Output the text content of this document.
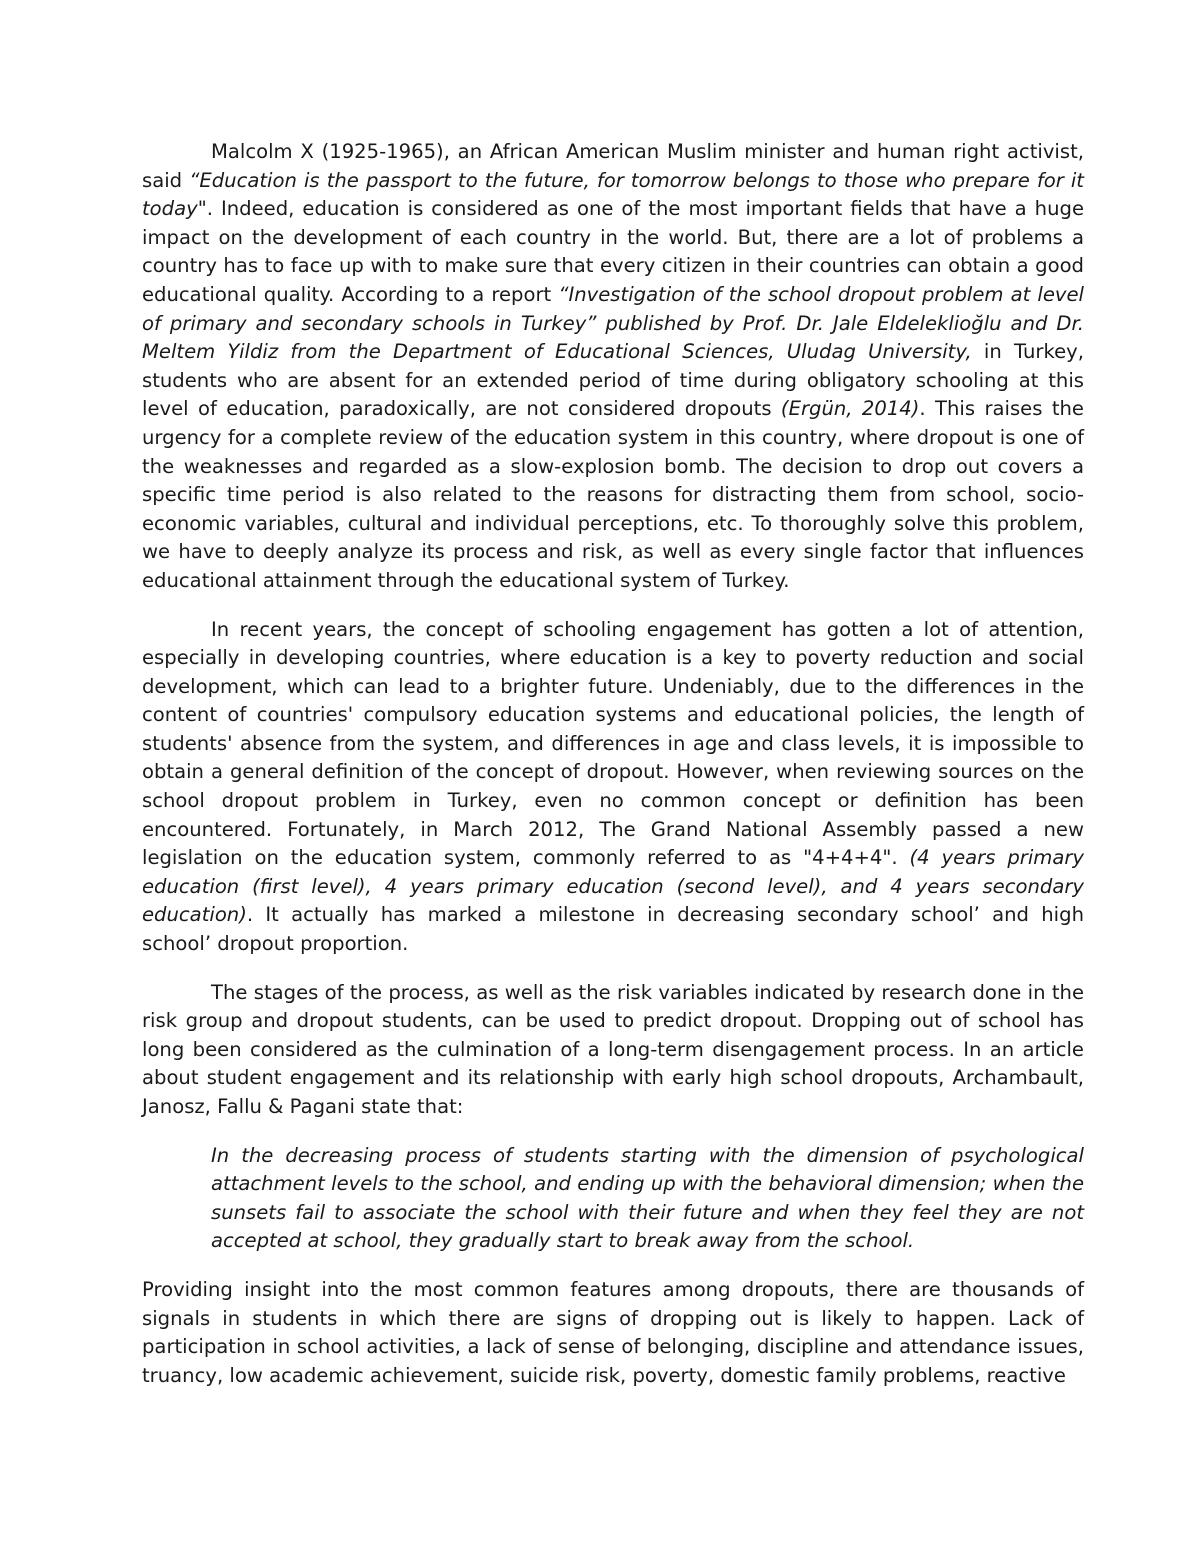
Malcolm X (1925-1965), an African American Muslim minister and human right activist, said “Education is the passport to the future, for tomorrow belongs to those who prepare for it today". Indeed, education is considered as one of the most important fields that have a huge impact on the development of each country in the world. But, there are a lot of problems a country has to face up with to make sure that every citizen in their countries can obtain a good educational quality. According to a report “Investigation of the school dropout problem at level of primary and secondary schools in Turkey” published by Prof. Dr. Jale Eldeleklioğlu and Dr. Meltem Yildiz from the Department of Educational Sciences, Uludag University, in Turkey, students who are absent for an extended period of time during obligatory schooling at this level of education, paradoxically, are not considered dropouts (Ergün, 2014). This raises the urgency for a complete review of the education system in this country, where dropout is one of the weaknesses and regarded as a slow-explosion bomb. The decision to drop out covers a specific time period is also related to the reasons for distracting them from school, socio-economic variables, cultural and individual perceptions, etc. To thoroughly solve this problem, we have to deeply analyze its process and risk, as well as every single factor that influences educational attainment through the educational system of Turkey.

In recent years, the concept of schooling engagement has gotten a lot of attention, especially in developing countries, where education is a key to poverty reduction and social development, which can lead to a brighter future. Undeniably, due to the differences in the content of countries' compulsory education systems and educational policies, the length of students' absence from the system, and differences in age and class levels, it is impossible to obtain a general definition of the concept of dropout. However, when reviewing sources on the school dropout problem in Turkey, even no common concept or definition has been encountered. Fortunately, in March 2012, The Grand National Assembly passed a new legislation on the education system, commonly referred to as "4+4+4". (4 years primary education (first level), 4 years primary education (second level), and 4 years secondary education). It actually has marked a milestone in decreasing secondary school’ and high school’ dropout proportion.

The stages of the process, as well as the risk variables indicated by research done in the risk group and dropout students, can be used to predict dropout. Dropping out of school has long been considered as the culmination of a long-term disengagement process. In an article about student engagement and its relationship with early high school dropouts, Archambault, Janosz, Fallu & Pagani state that:

In the decreasing process of students starting with the dimension of psychological attachment levels to the school, and ending up with the behavioral dimension; when the sunsets fail to associate the school with their future and when they feel they are not accepted at school, they gradually start to break away from the school.

Providing insight into the most common features among dropouts, there are thousands of signals in students in which there are signs of dropping out is likely to happen. Lack of participation in school activities, a lack of sense of belonging, discipline and attendance issues, truancy, low academic achievement, suicide risk, poverty, domestic family problems, reactive
